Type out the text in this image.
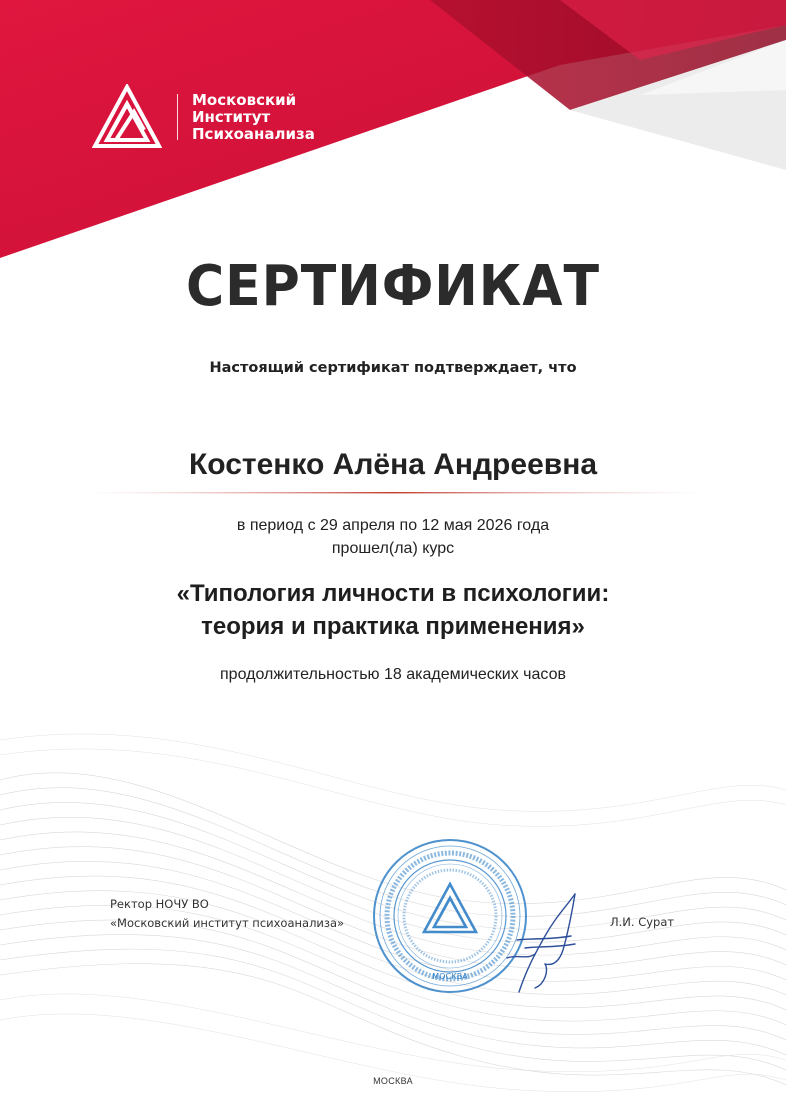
Московский
Институт
Психоанализа
СЕРТИФИКАТ
Настоящий сертификат подтверждает, что
Костенко Алёна Андреевна
в период с 29 апреля по 12 мая 2026 года
прошел(ла) курс
«Типология личности в психологии:
теория и практика применения»
продолжительностью 18 академических часов
Ректор НОЧУ ВО
«Московский институт психоанализа»
МОСКВА
Л.И. Сурат
МОСКВА
